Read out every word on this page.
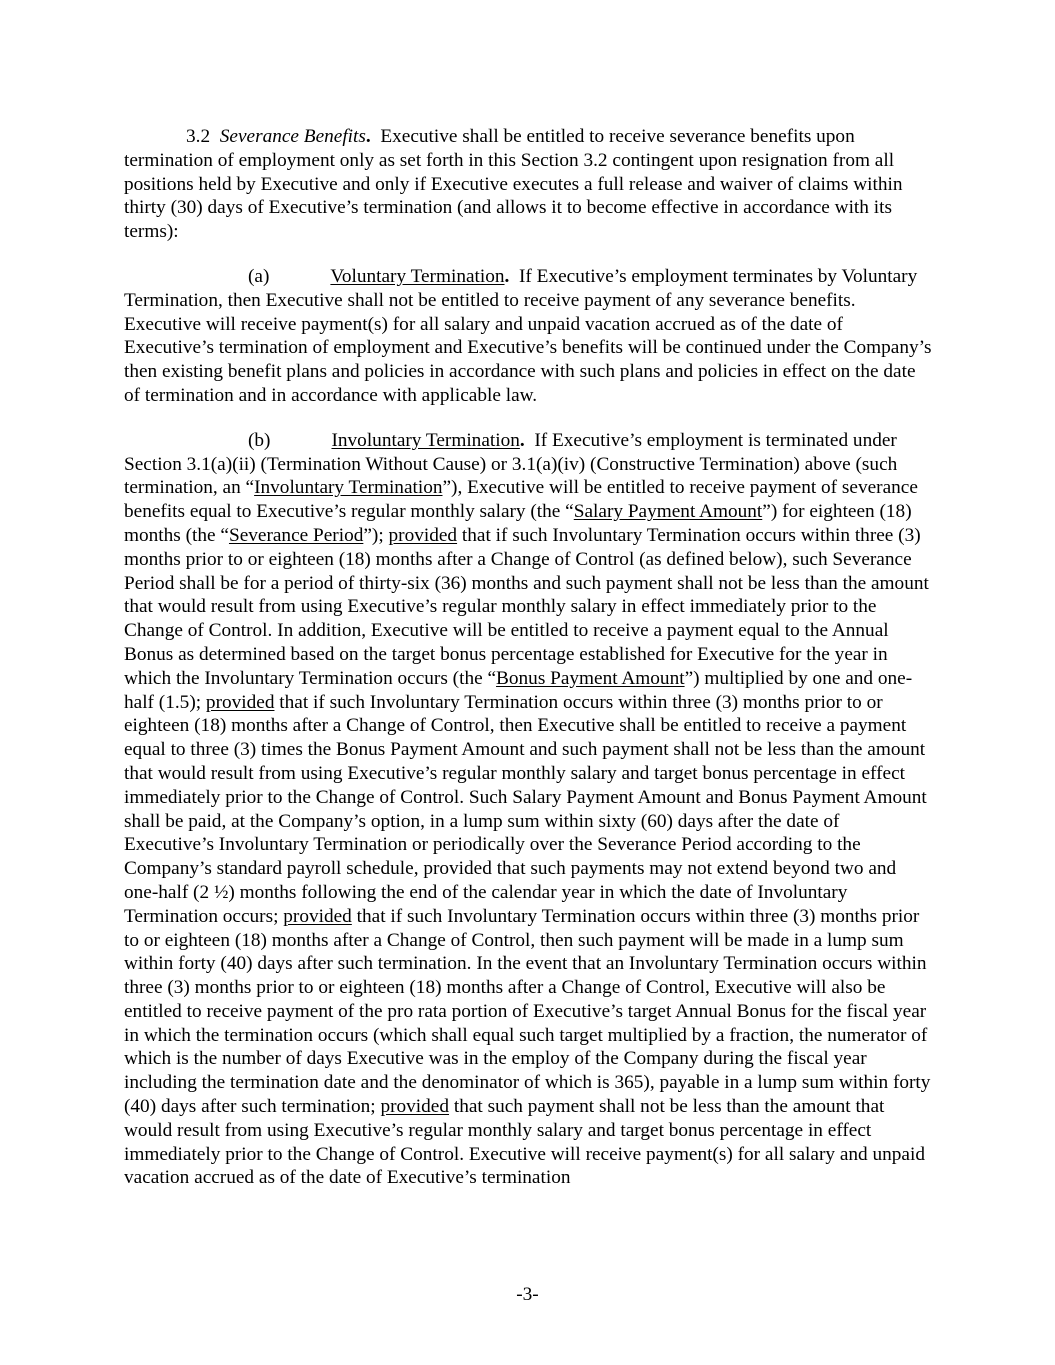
3.2 Severance Benefits. Executive shall be entitled to receive severance benefits upon termination of employment only as set forth in this Section 3.2 contingent upon resignation from all positions held by Executive and only if Executive executes a full release and waiver of claims within thirty (30) days of Executive’s termination (and allows it to become effective in accordance with its terms):

(a)	Voluntary Termination. If Executive’s employment terminates by Voluntary Termination, then Executive shall not be entitled to receive payment of any severance benefits. Executive will receive payment(s) for all salary and unpaid vacation accrued as of the date of Executive’s termination of employment and Executive’s benefits will be continued under the Company’s then existing benefit plans and policies in accordance with such plans and policies in effect on the date of termination and in accordance with applicable law.

(b)	Involuntary Termination. If Executive’s employment is terminated under Section 3.1(a)(ii) (Termination Without Cause) or 3.1(a)(iv) (Constructive Termination) above (such termination, an “Involuntary Termination”), Executive will be entitled to receive payment of severance benefits equal to Executive’s regular monthly salary (the “Salary Payment Amount”) for eighteen (18) months (the “Severance Period”); provided that if such Involuntary Termination occurs within three (3) months prior to or eighteen (18) months after a Change of Control (as defined below), such Severance Period shall be for a period of thirty-six (36) months and such payment shall not be less than the amount that would result from using Executive’s regular monthly salary in effect immediately prior to the Change of Control. In addition, Executive will be entitled to receive a payment equal to the Annual Bonus as determined based on the target bonus percentage established for Executive for the year in which the Involuntary Termination occurs (the “Bonus Payment Amount”) multiplied by one and one-half (1.5); provided that if such Involuntary Termination occurs within three (3) months prior to or eighteen (18) months after a Change of Control, then Executive shall be entitled to receive a payment equal to three (3) times the Bonus Payment Amount and such payment shall not be less than the amount that would result from using Executive’s regular monthly salary and target bonus percentage in effect immediately prior to the Change of Control. Such Salary Payment Amount and Bonus Payment Amount shall be paid, at the Company’s option, in a lump sum within sixty (60) days after the date of Executive’s Involuntary Termination or periodically over the Severance Period according to the Company’s standard payroll schedule, provided that such payments may not extend beyond two and one-half (2 ½) months following the end of the calendar year in which the date of Involuntary Termination occurs; provided that if such Involuntary Termination occurs within three (3) months prior to or eighteen (18) months after a Change of Control, then such payment will be made in a lump sum within forty (40) days after such termination. In the event that an Involuntary Termination occurs within three (3) months prior to or eighteen (18) months after a Change of Control, Executive will also be entitled to receive payment of the pro rata portion of Executive’s target Annual Bonus for the fiscal year in which the termination occurs (which shall equal such target multiplied by a fraction, the numerator of which is the number of days Executive was in the employ of the Company during the fiscal year including the termination date and the denominator of which is 365), payable in a lump sum within forty (40) days after such termination; provided that such payment shall not be less than the amount that would result from using Executive’s regular monthly salary and target bonus percentage in effect immediately prior to the Change of Control. Executive will receive payment(s) for all salary and unpaid vacation accrued as of the date of Executive’s termination

-3-
